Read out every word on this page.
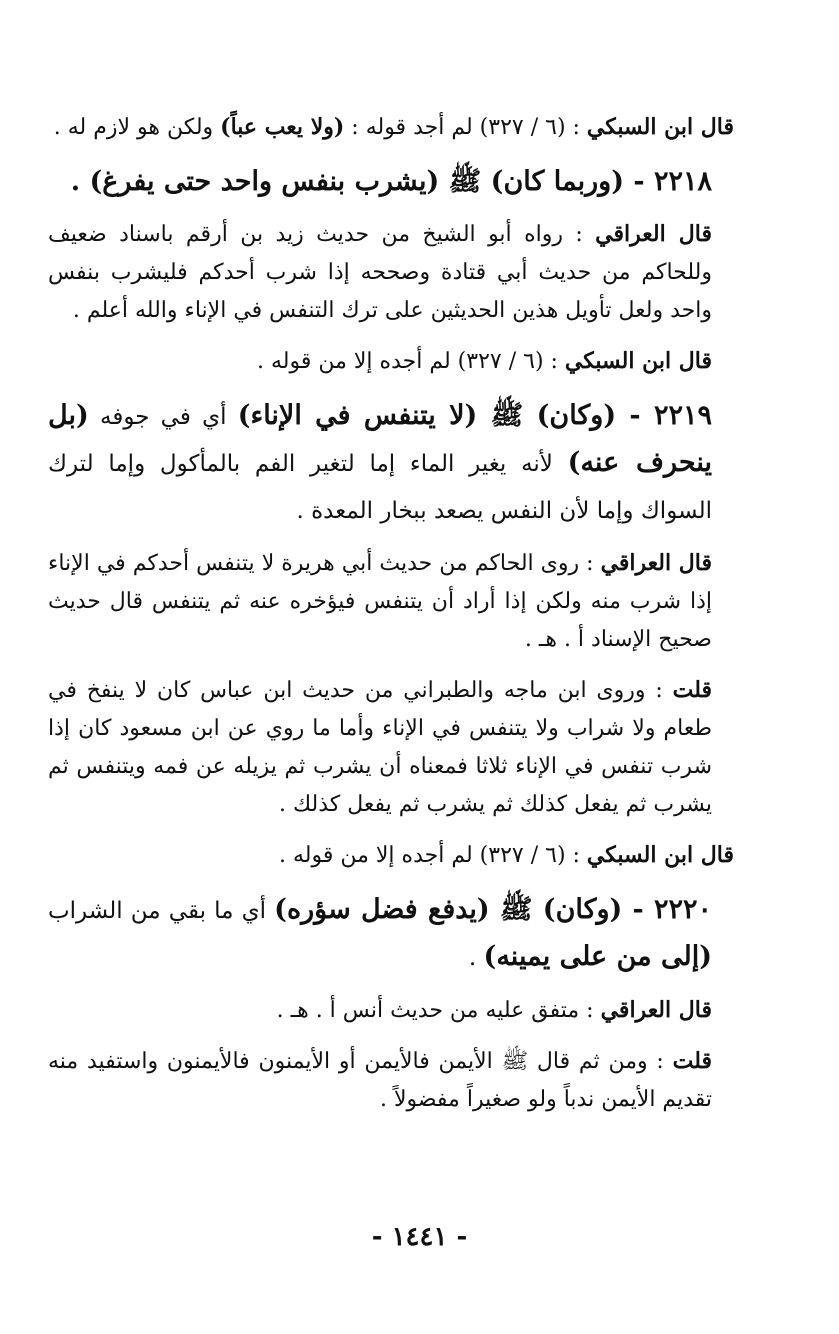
قال ابن السبكي : (٦ / ٣٢٧) لم أجد قوله : (ولا يعب عباً) ولكن هو لازم له .

٢٢١٨ - (وربما كان) ﷺ (يشرب بنفس واحد حتى يفرغ) .

قال العراقي : رواه أبو الشيخ من حديث زيد بن أرقم باسناد ضعيف وللحاكم من حديث أبي قتادة وصححه إذا شرب أحدكم فليشرب بنفس واحد ولعل تأويل هذين الحديثين على ترك التنفس في الإناء والله أعلم .

قال ابن السبكي : (٦ / ٣٢٧) لم أجده إلا من قوله .

٢٢١٩ - (وكان) ﷺ (لا يتنفس في الإناء) أي في جوفه (بل ينحرف عنه) لأنه يغير الماء إما لتغير الفم بالمأكول وإما لترك السواك وإما لأن النفس يصعد ببخار المعدة .

قال العراقي : روى الحاكم من حديث أبي هريرة لا يتنفس أحدكم في الإناء إذا شرب منه ولكن إذا أراد أن يتنفس فيؤخره عنه ثم يتنفس قال حديث صحيح الإسناد أ . هـ .

قلت : وروى ابن ماجه والطبراني من حديث ابن عباس كان لا ينفخ في طعام ولا شراب ولا يتنفس في الإناء وأما ما روي عن ابن مسعود كان إذا شرب تنفس في الإناء ثلاثا فمعناه أن يشرب ثم يزيله عن فمه ويتنفس ثم يشرب ثم يفعل كذلك ثم يشرب ثم يفعل كذلك .

قال ابن السبكي : (٦ / ٣٢٧) لم أجده إلا من قوله .

٢٢٢٠ - (وكان) ﷺ (يدفع فضل سؤره) أي ما بقي من الشراب (إلى من على يمينه) .

قال العراقي : متفق عليه من حديث أنس أ . هـ .

قلت : ومن ثم قال ﷺ الأيمن فالأيمن أو الأيمنون فالأيمنون واستفيد منه تقديم الأيمن ندباً ولو صغيراً مفضولاً .

- ١٤٤١ -
